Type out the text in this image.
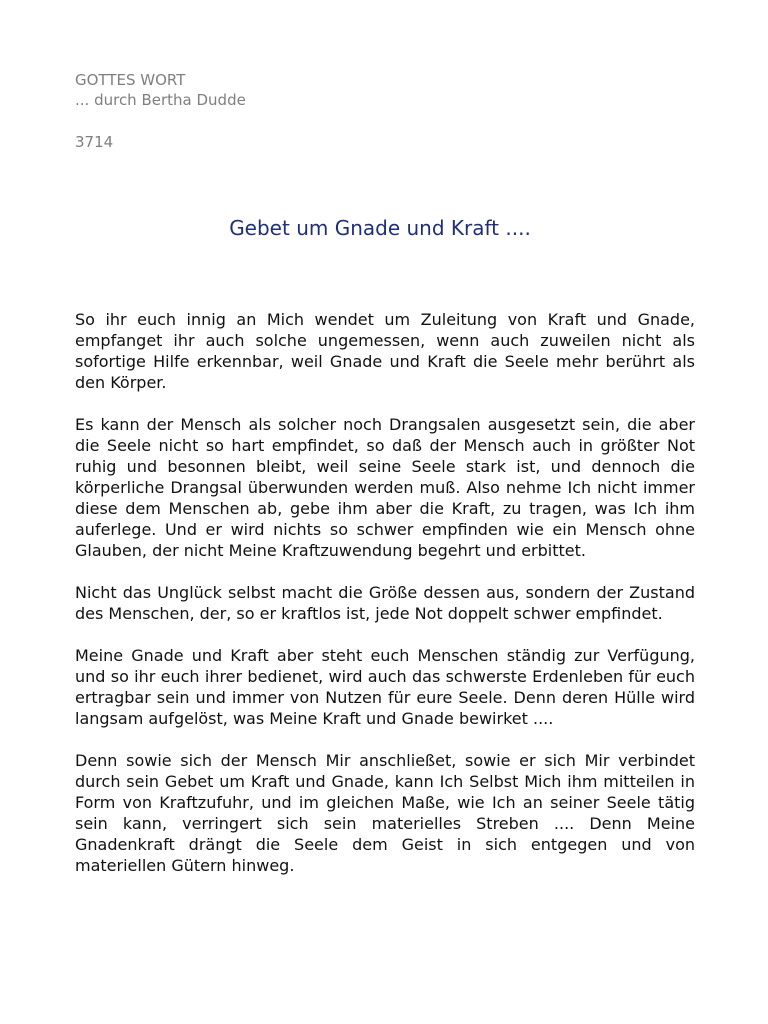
GOTTES WORT
... durch Bertha Dudde
3714
Gebet um Gnade und Kraft ....

So ihr euch innig an Mich wendet um Zuleitung von Kraft und Gnade, empfanget ihr auch solche ungemessen, wenn auch zuweilen nicht als sofortige Hilfe erkennbar, weil Gnade und Kraft die Seele mehr berührt als den Körper.

Es kann der Mensch als solcher noch Drangsalen ausgesetzt sein, die aber die Seele nicht so hart empfindet, so daß der Mensch auch in größter Not ruhig und besonnen bleibt, weil seine Seele stark ist, und dennoch die körperliche Drangsal überwunden werden muß. Also nehme Ich nicht immer diese dem Menschen ab, gebe ihm aber die Kraft, zu tragen, was Ich ihm auferlege. Und er wird nichts so schwer empfinden wie ein Mensch ohne Glauben, der nicht Meine Kraftzuwendung begehrt und erbittet.

Nicht das Unglück selbst macht die Größe dessen aus, sondern der Zustand des Menschen, der, so er kraftlos ist, jede Not doppelt schwer empfindet.

Meine Gnade und Kraft aber steht euch Menschen ständig zur Verfügung, und so ihr euch ihrer bedienet, wird auch das schwerste Erdenleben für euch ertragbar sein und immer von Nutzen für eure Seele. Denn deren Hülle wird langsam aufgelöst, was Meine Kraft und Gnade bewirket ....

Denn sowie sich der Mensch Mir anschließet, sowie er sich Mir verbindet durch sein Gebet um Kraft und Gnade, kann Ich Selbst Mich ihm mitteilen in Form von Kraftzufuhr, und im gleichen Maße, wie Ich an seiner Seele tätig sein kann, verringert sich sein materielles Streben .... Denn Meine Gnadenkraft drängt die Seele dem Geist in sich entgegen und von materiellen Gütern hinweg.
